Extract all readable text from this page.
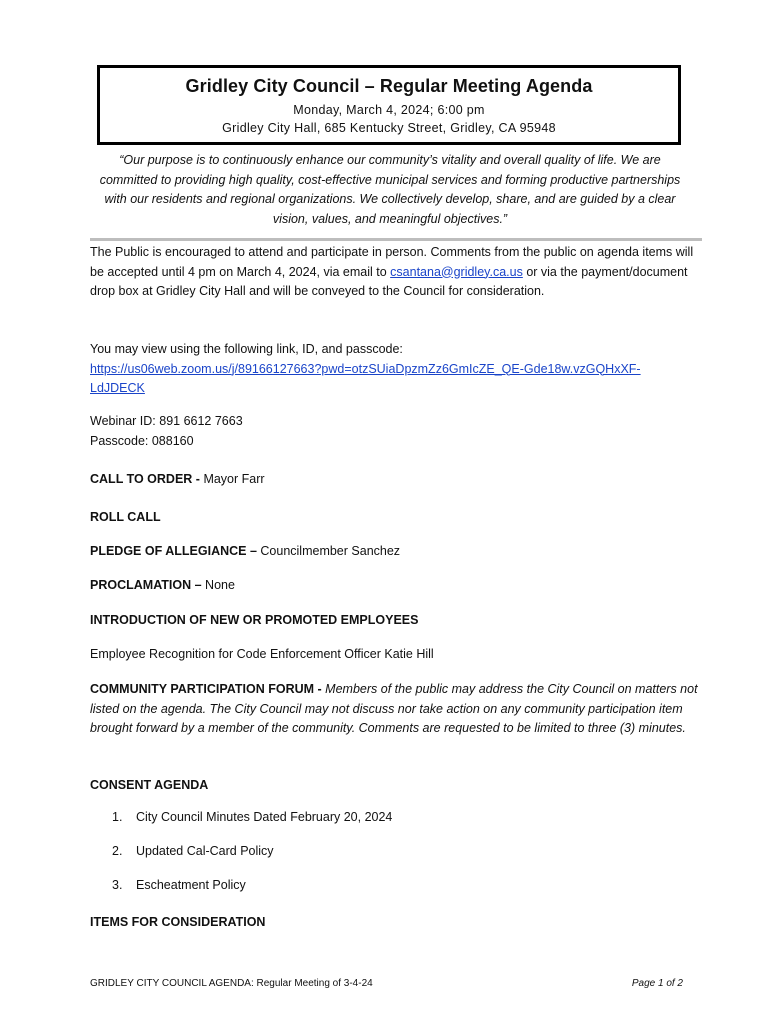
Gridley City Council – Regular Meeting Agenda
Monday, March 4, 2024; 6:00 pm
Gridley City Hall, 685 Kentucky Street, Gridley, CA 95948
“Our purpose is to continuously enhance our community’s vitality and overall quality of life. We are committed to providing high quality, cost-effective municipal services and forming productive partnerships with our residents and regional organizations. We collectively develop, share, and are guided by a clear vision, values, and meaningful objectives.”
The Public is encouraged to attend and participate in person. Comments from the public on agenda items will be accepted until 4 pm on March 4, 2024, via email to csantana@gridley.ca.us or via the payment/document drop box at Gridley City Hall and will be conveyed to the Council for consideration.
You may view using the following link, ID, and passcode:
https://us06web.zoom.us/j/89166127663?pwd=otzSUiaDpzmZz6GmIcZE_QE-Gde18w.vzGQHxXF-
LdJDECK
Webinar ID: 891 6612 7663
Passcode: 088160
CALL TO ORDER - Mayor Farr
ROLL CALL
PLEDGE OF ALLEGIANCE – Councilmember Sanchez
PROCLAMATION – None
INTRODUCTION OF NEW OR PROMOTED EMPLOYEES
Employee Recognition for Code Enforcement Officer Katie Hill
COMMUNITY PARTICIPATION FORUM - Members of the public may address the City Council on matters not listed on the agenda. The City Council may not discuss nor take action on any community participation item brought forward by a member of the community. Comments are requested to be limited to three (3) minutes.
CONSENT AGENDA
1. City Council Minutes Dated February 20, 2024
2. Updated Cal-Card Policy
3. Escheatment Policy
ITEMS FOR CONSIDERATION
GRIDLEY CITY COUNCIL AGENDA: Regular Meeting of 3-4-24	Page 1 of 2
